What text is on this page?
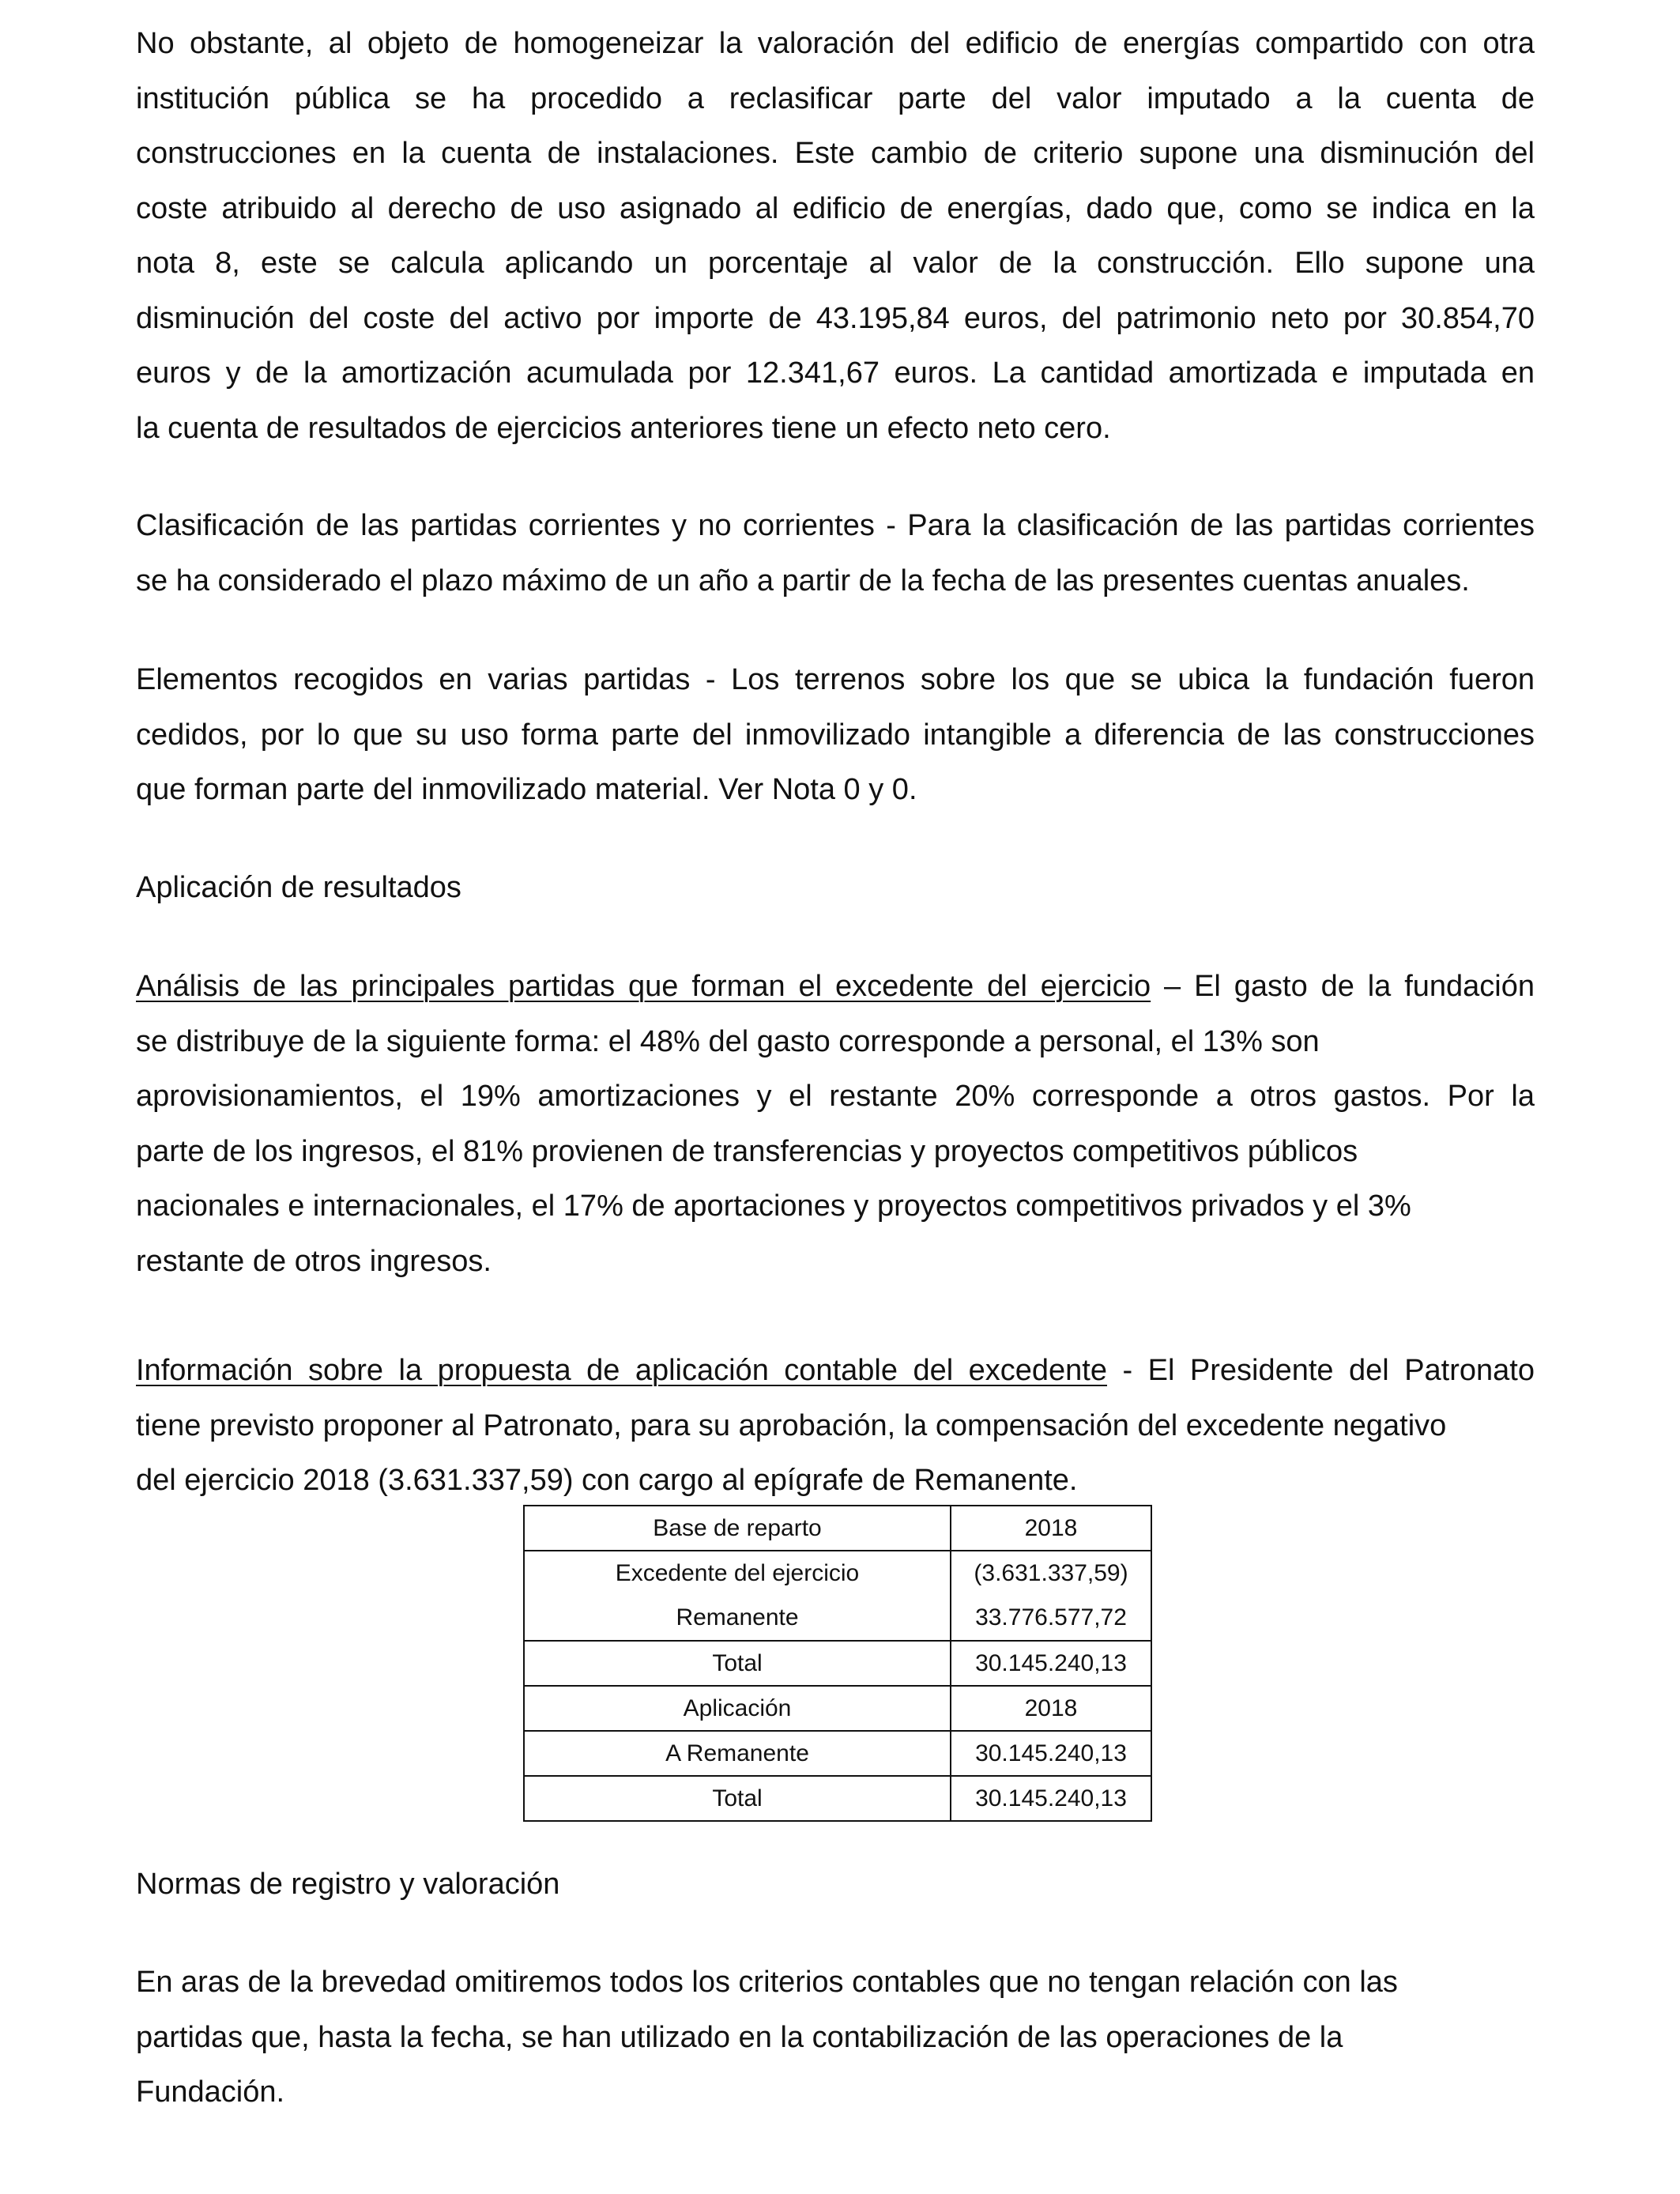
No obstante, al objeto de homogeneizar la valoración del edificio de energías compartido con otra
institución pública se ha procedido a reclasificar parte del valor imputado a la cuenta de
construcciones en la cuenta de instalaciones. Este cambio de criterio supone una disminución del
coste atribuido al derecho de uso asignado al edificio de energías, dado que, como se indica en la
nota 8, este se calcula aplicando un porcentaje al valor de la construcción. Ello supone una
disminución del coste del activo por importe de 43.195,84 euros, del patrimonio neto por 30.854,70
euros y de la amortización acumulada por 12.341,67 euros. La cantidad amortizada e imputada en
la cuenta de resultados de ejercicios anteriores tiene un efecto neto cero.

Clasificación de las partidas corrientes y no corrientes - Para la clasificación de las partidas corrientes
se ha considerado el plazo máximo de un año a partir de la fecha de las presentes cuentas anuales.

Elementos recogidos en varias partidas - Los terrenos sobre los que se ubica la fundación fueron
cedidos, por lo que su uso forma parte del inmovilizado intangible a diferencia de las construcciones
que forman parte del inmovilizado material. Ver Nota 0 y 0.

Aplicación de resultados

Análisis de las principales partidas que forman el excedente del ejercicio – El gasto de la fundación
se distribuye de la siguiente forma: el 48% del gasto corresponde a personal, el 13% son
aprovisionamientos, el 19% amortizaciones y el restante 20% corresponde a otros gastos. Por la
parte de los ingresos, el 81% provienen de transferencias y proyectos competitivos públicos
nacionales e internacionales, el 17% de aportaciones y proyectos competitivos privados y el 3%
restante de otros ingresos.

Información sobre la propuesta de aplicación contable del excedente - El Presidente del Patronato
tiene previsto proponer al Patronato, para su aprobación, la compensación del excedente negativo
del ejercicio 2018 (3.631.337,59) con cargo al epígrafe de Remanente.

Base de reparto	2018
Excedente del ejercicio	(3.631.337,59)
Remanente	33.776.577,72
Total	30.145.240,13
Aplicación	2018
A Remanente	30.145.240,13
Total	30.145.240,13

Normas de registro y valoración

En aras de la brevedad omitiremos todos los criterios contables que no tengan relación con las
partidas que, hasta la fecha, se han utilizado en la contabilización de las operaciones de la
Fundación.
